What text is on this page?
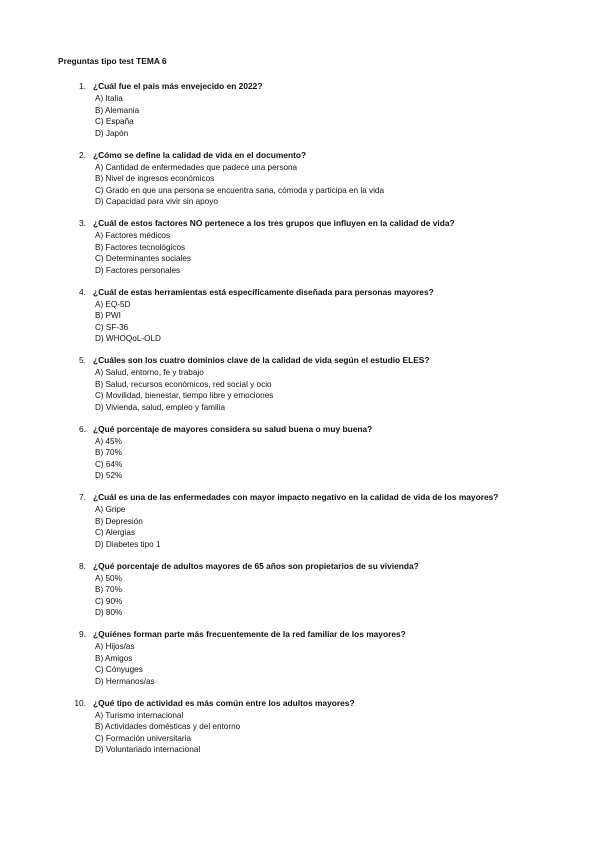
Preguntas tipo test TEMA 6
1. ¿Cuál fue el país más envejecido en 2022?
A) Italia
B) Alemania
C) España
D) Japón
2. ¿Cómo se define la calidad de vida en el documento?
A) Cantidad de enfermedades que padece una persona
B) Nivel de ingresos económicos
C) Grado en que una persona se encuentra sana, cómoda y participa en la vida
D) Capacidad para vivir sin apoyo
3. ¿Cuál de estos factores NO pertenece a los tres grupos que influyen en la calidad de vida?
A) Factores médicos
B) Factores tecnológicos
C) Determinantes sociales
D) Factores personales
4. ¿Cuál de estas herramientas está específicamente diseñada para personas mayores?
A) EQ-5D
B) PWI
C) SF-36
D) WHOQoL-OLD
5. ¿Cuáles son los cuatro dominios clave de la calidad de vida según el estudio ELES?
A) Salud, entorno, fe y trabajo
B) Salud, recursos económicos, red social y ocio
C) Movilidad, bienestar, tiempo libre y emociones
D) Vivienda, salud, empleo y familia
6. ¿Qué porcentaje de mayores considera su salud buena o muy buena?
A) 45%
B) 70%
C) 64%
D) 52%
7. ¿Cuál es una de las enfermedades con mayor impacto negativo en la calidad de vida de los mayores?
A) Gripe
B) Depresión
C) Alergias
D) Diabetes tipo 1
8. ¿Qué porcentaje de adultos mayores de 65 años son propietarios de su vivienda?
A) 50%
B) 70%
C) 90%
D) 80%
9. ¿Quiénes forman parte más frecuentemente de la red familiar de los mayores?
A) Hijos/as
B) Amigos
C) Cónyuges
D) Hermanos/as
10. ¿Qué tipo de actividad es más común entre los adultos mayores?
A) Turismo internacional
B) Actividades domésticas y del entorno
C) Formación universitaria
D) Voluntariado internacional
